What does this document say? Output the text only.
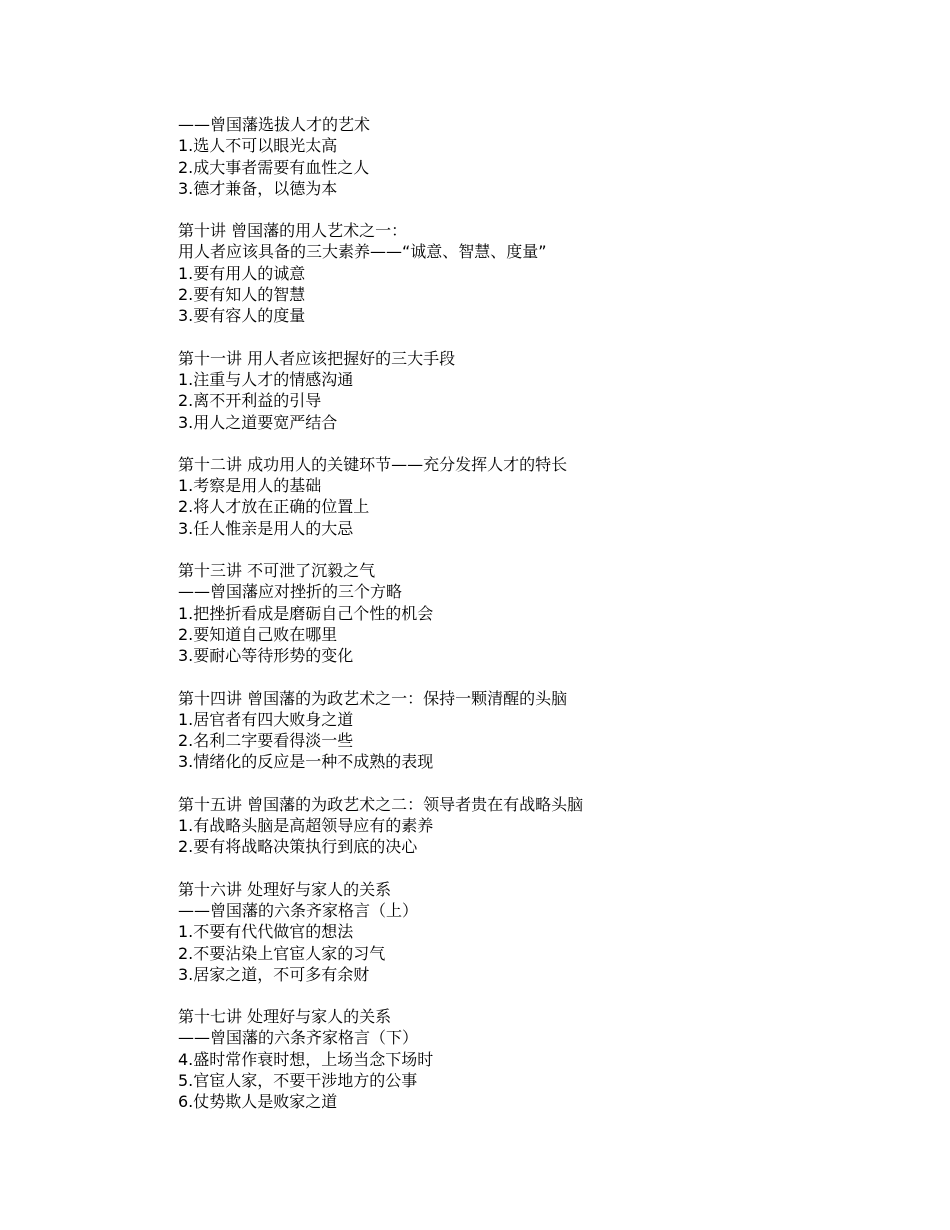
——曾国藩选拔人才的艺术
1.选人不可以眼光太高
2.成大事者需要有血性之人
3.德才兼备，以德为本
第十讲 曾国藩的用人艺术之一：
用人者应该具备的三大素养——“诚意、智慧、度量”
1.要有用人的诚意
2.要有知人的智慧
3.要有容人的度量
第十一讲 用人者应该把握好的三大手段
1.注重与人才的情感沟通
2.离不开利益的引导
3.用人之道要宽严结合
第十二讲 成功用人的关键环节——充分发挥人才的特长
1.考察是用人的基础
2.将人才放在正确的位置上
3.任人惟亲是用人的大忌
第十三讲 不可泄了沉毅之气
——曾国藩应对挫折的三个方略
1.把挫折看成是磨砺自己个性的机会
2.要知道自己败在哪里
3.要耐心等待形势的变化
第十四讲 曾国藩的为政艺术之一：保持一颗清醒的头脑
1.居官者有四大败身之道
2.名利二字要看得淡一些
3.情绪化的反应是一种不成熟的表现
第十五讲 曾国藩的为政艺术之二：领导者贵在有战略头脑
1.有战略头脑是高超领导应有的素养
2.要有将战略决策执行到底的决心
第十六讲 处理好与家人的关系
——曾国藩的六条齐家格言（上）
1.不要有代代做官的想法
2.不要沾染上官宦人家的习气
3.居家之道，不可多有余财
第十七讲 处理好与家人的关系
——曾国藩的六条齐家格言（下）
4.盛时常作衰时想，上场当念下场时
5.官宦人家，不要干涉地方的公事
6.仗势欺人是败家之道
